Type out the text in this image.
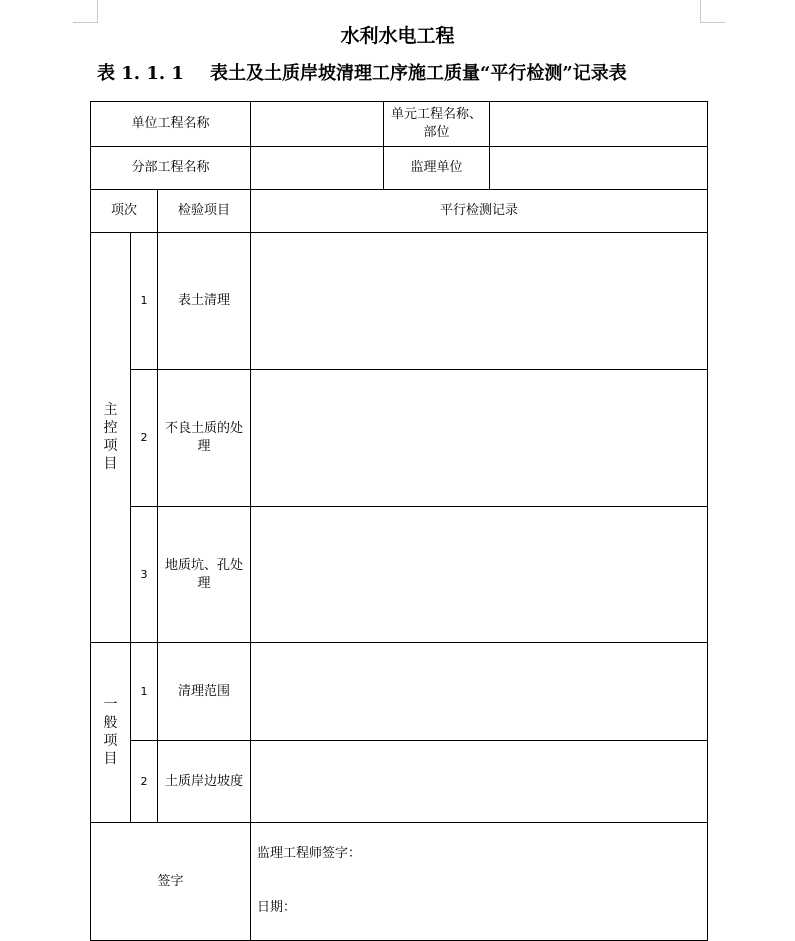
水利水电工程
表 1. 1. 1 表土及土质岸坡清理工序施工质量“平行检测”记录表
单位工程名称				单元工程名称、部位	
分部工程名称				监理单位	
项次		检验项目	平行检测记录		
主控项目	1	表土清理			
	2	不良土质的处理			
	3	地质坑、孔处理			
一般项目	1	清理范围			
	2	土质岸边坡度			
签字			监理工程师签字：
日期：		
